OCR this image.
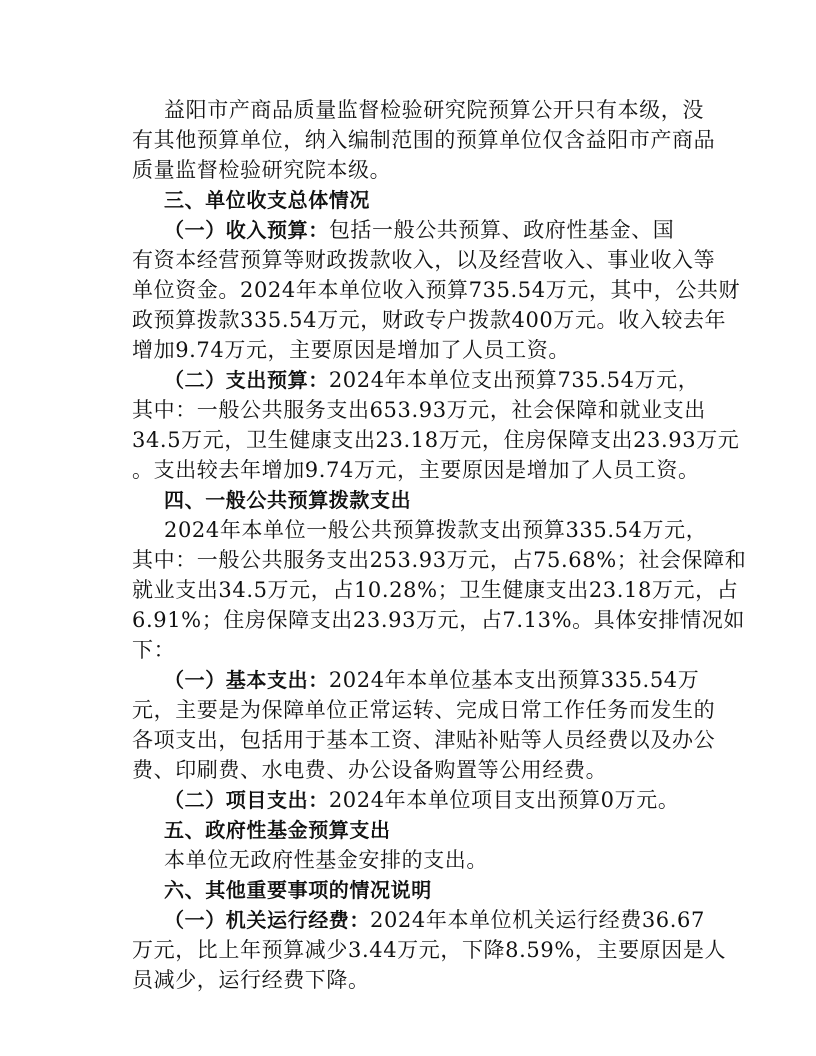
益阳市产商品质量监督检验研究院预算公开只有本级，没
有其他预算单位，纳入编制范围的预算单位仅含益阳市产商品
质量监督检验研究院本级。
三、单位收支总体情况
（一）收入预算：包括一般公共预算、政府性基金、国
有资本经营预算等财政拨款收入，以及经营收入、事业收入等
单位资金。2024年本单位收入预算735.54万元，其中，公共财
政预算拨款335.54万元，财政专户拨款400万元。收入较去年
增加9.74万元，主要原因是增加了人员工资。
（二）支出预算：2024年本单位支出预算735.54万元，
其中：一般公共服务支出653.93万元，社会保障和就业支出
34.5万元，卫生健康支出23.18万元，住房保障支出23.93万元
。支出较去年增加9.74万元，主要原因是增加了人员工资。
四、一般公共预算拨款支出
2024年本单位一般公共预算拨款支出预算335.54万元，
其中：一般公共服务支出253.93万元，占75.68%；社会保障和
就业支出34.5万元，占10.28%；卫生健康支出23.18万元，占
6.91%；住房保障支出23.93万元，占7.13%。具体安排情况如
下：
（一）基本支出：2024年本单位基本支出预算335.54万
元，主要是为保障单位正常运转、完成日常工作任务而发生的
各项支出，包括用于基本工资、津贴补贴等人员经费以及办公
费、印刷费、水电费、办公设备购置等公用经费。
（二）项目支出：2024年本单位项目支出预算0万元。
五、政府性基金预算支出
本单位无政府性基金安排的支出。
六、其他重要事项的情况说明
（一）机关运行经费：2024年本单位机关运行经费36.67
万元，比上年预算减少3.44万元，下降8.59%，主要原因是人
员减少，运行经费下降。
